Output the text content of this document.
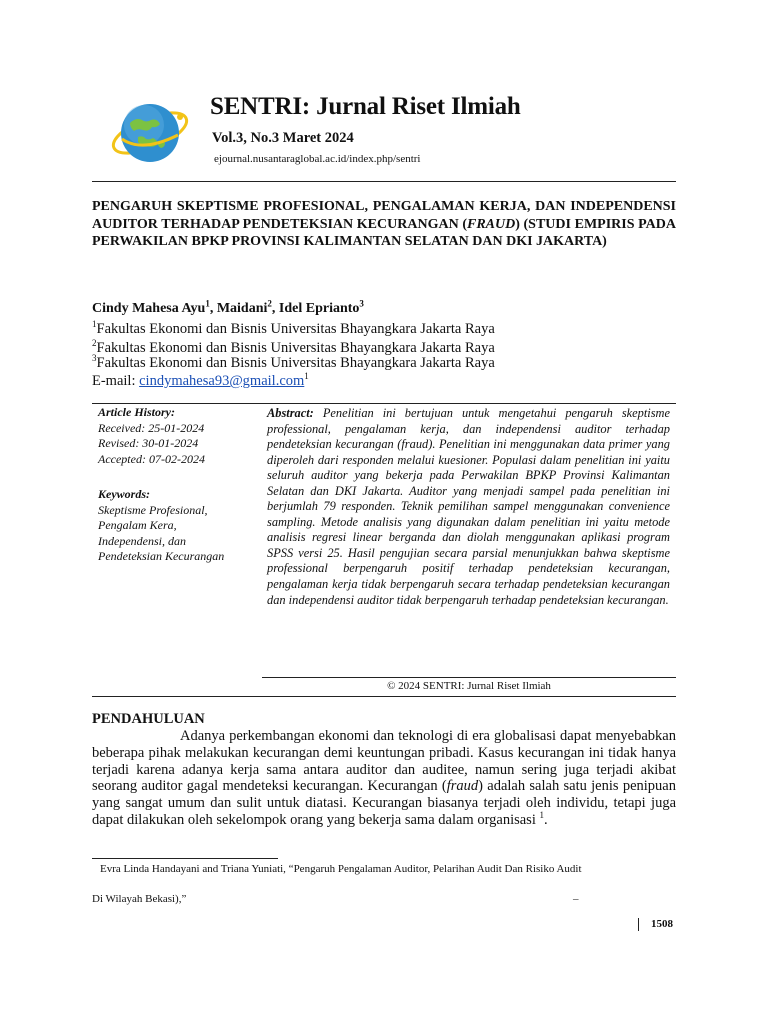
SENTRI: Jurnal Riset Ilmiah
Vol.3, No.3 Maret 2024
ejournal.nusantaraglobal.ac.id/index.php/sentri
PENGARUH SKEPTISME PROFESIONAL, PENGALAMAN KERJA, DAN INDEPENDENSI AUDITOR TERHADAP PENDETEKSIAN KECURANGAN (FRAUD) (STUDI EMPIRIS PADA PERWAKILAN BPKP PROVINSI KALIMANTAN SELATAN DAN DKI JAKARTA)
Cindy Mahesa Ayu$^1$, Maidani$^2$, Idel Eprianto$^3$
$^1$Fakultas Ekonomi dan Bisnis Universitas Bhayangkara Jakarta Raya
$^2$Fakultas Ekonomi dan Bisnis Universitas Bhayangkara Jakarta Raya
$^3$Fakultas Ekonomi dan Bisnis Universitas Bhayangkara Jakarta Raya
E-mail: cindymahesa93@gmail.com$^1$
Article History:
Received: 25-01-2024
Revised: 30-01-2024
Accepted: 07-02-2024
Keywords:
Skeptisme Profesional,
Pengalam Kera,
Independensi, dan
Pendeteksian Kecurangan
Abstract: Penelitian ini bertujuan untuk mengetahui pengaruh skeptisme professional, pengalaman kerja, dan independensi auditor terhadap pendeteksian kecurangan (fraud). Penelitian ini menggunakan data primer yang diperoleh dari responden melalui kuesioner. Populasi dalam penelitian ini yaitu seluruh auditor yang bekerja pada Perwakilan BPKP Provinsi Kalimantan Selatan dan DKI Jakarta. Auditor yang menjadi sampel pada penelitian ini berjumlah 79 responden. Teknik pemilihan sampel menggunakan convenience sampling. Metode analisis yang digunakan dalam penelitian ini yaitu metode analisis regresi linear berganda dan diolah menggunakan aplikasi program SPSS versi 25. Hasil pengujian secara parsial menunjukkan bahwa skeptisme professional berpengaruh positif terhadap pendeteksian kecurangan, pengalaman kerja tidak berpengaruh secara terhadap pendeteksian kecurangan dan independensi auditor tidak berpengaruh terhadap pendeteksian kecurangan.
© 2024 SENTRI: Jurnal Riset Ilmiah
PENDAHULUAN
Adanya perkembangan ekonomi dan teknologi di era globalisasi dapat menyebabkan beberapa pihak melakukan kecurangan demi keuntungan pribadi. Kasus kecurangan ini tidak hanya terjadi karena adanya kerja sama antara auditor dan auditee, namun sering juga terjadi akibat seorang auditor gagal mendeteksi kecurangan. Kecurangan (fraud) adalah salah satu jenis penipuan yang sangat umum dan sulit untuk diatasi. Kecurangan biasanya terjadi oleh individu, tetapi juga dapat dilakukan oleh sekelompok orang yang bekerja sama dalam organisasi $^1$.
Evra Linda Handayani and Triana Yuniati, “Pengaruh Pengalaman Auditor, Pelarihan Audit Dan Risiko Audit
Di Wilayah Bekasi),”	–
1508
